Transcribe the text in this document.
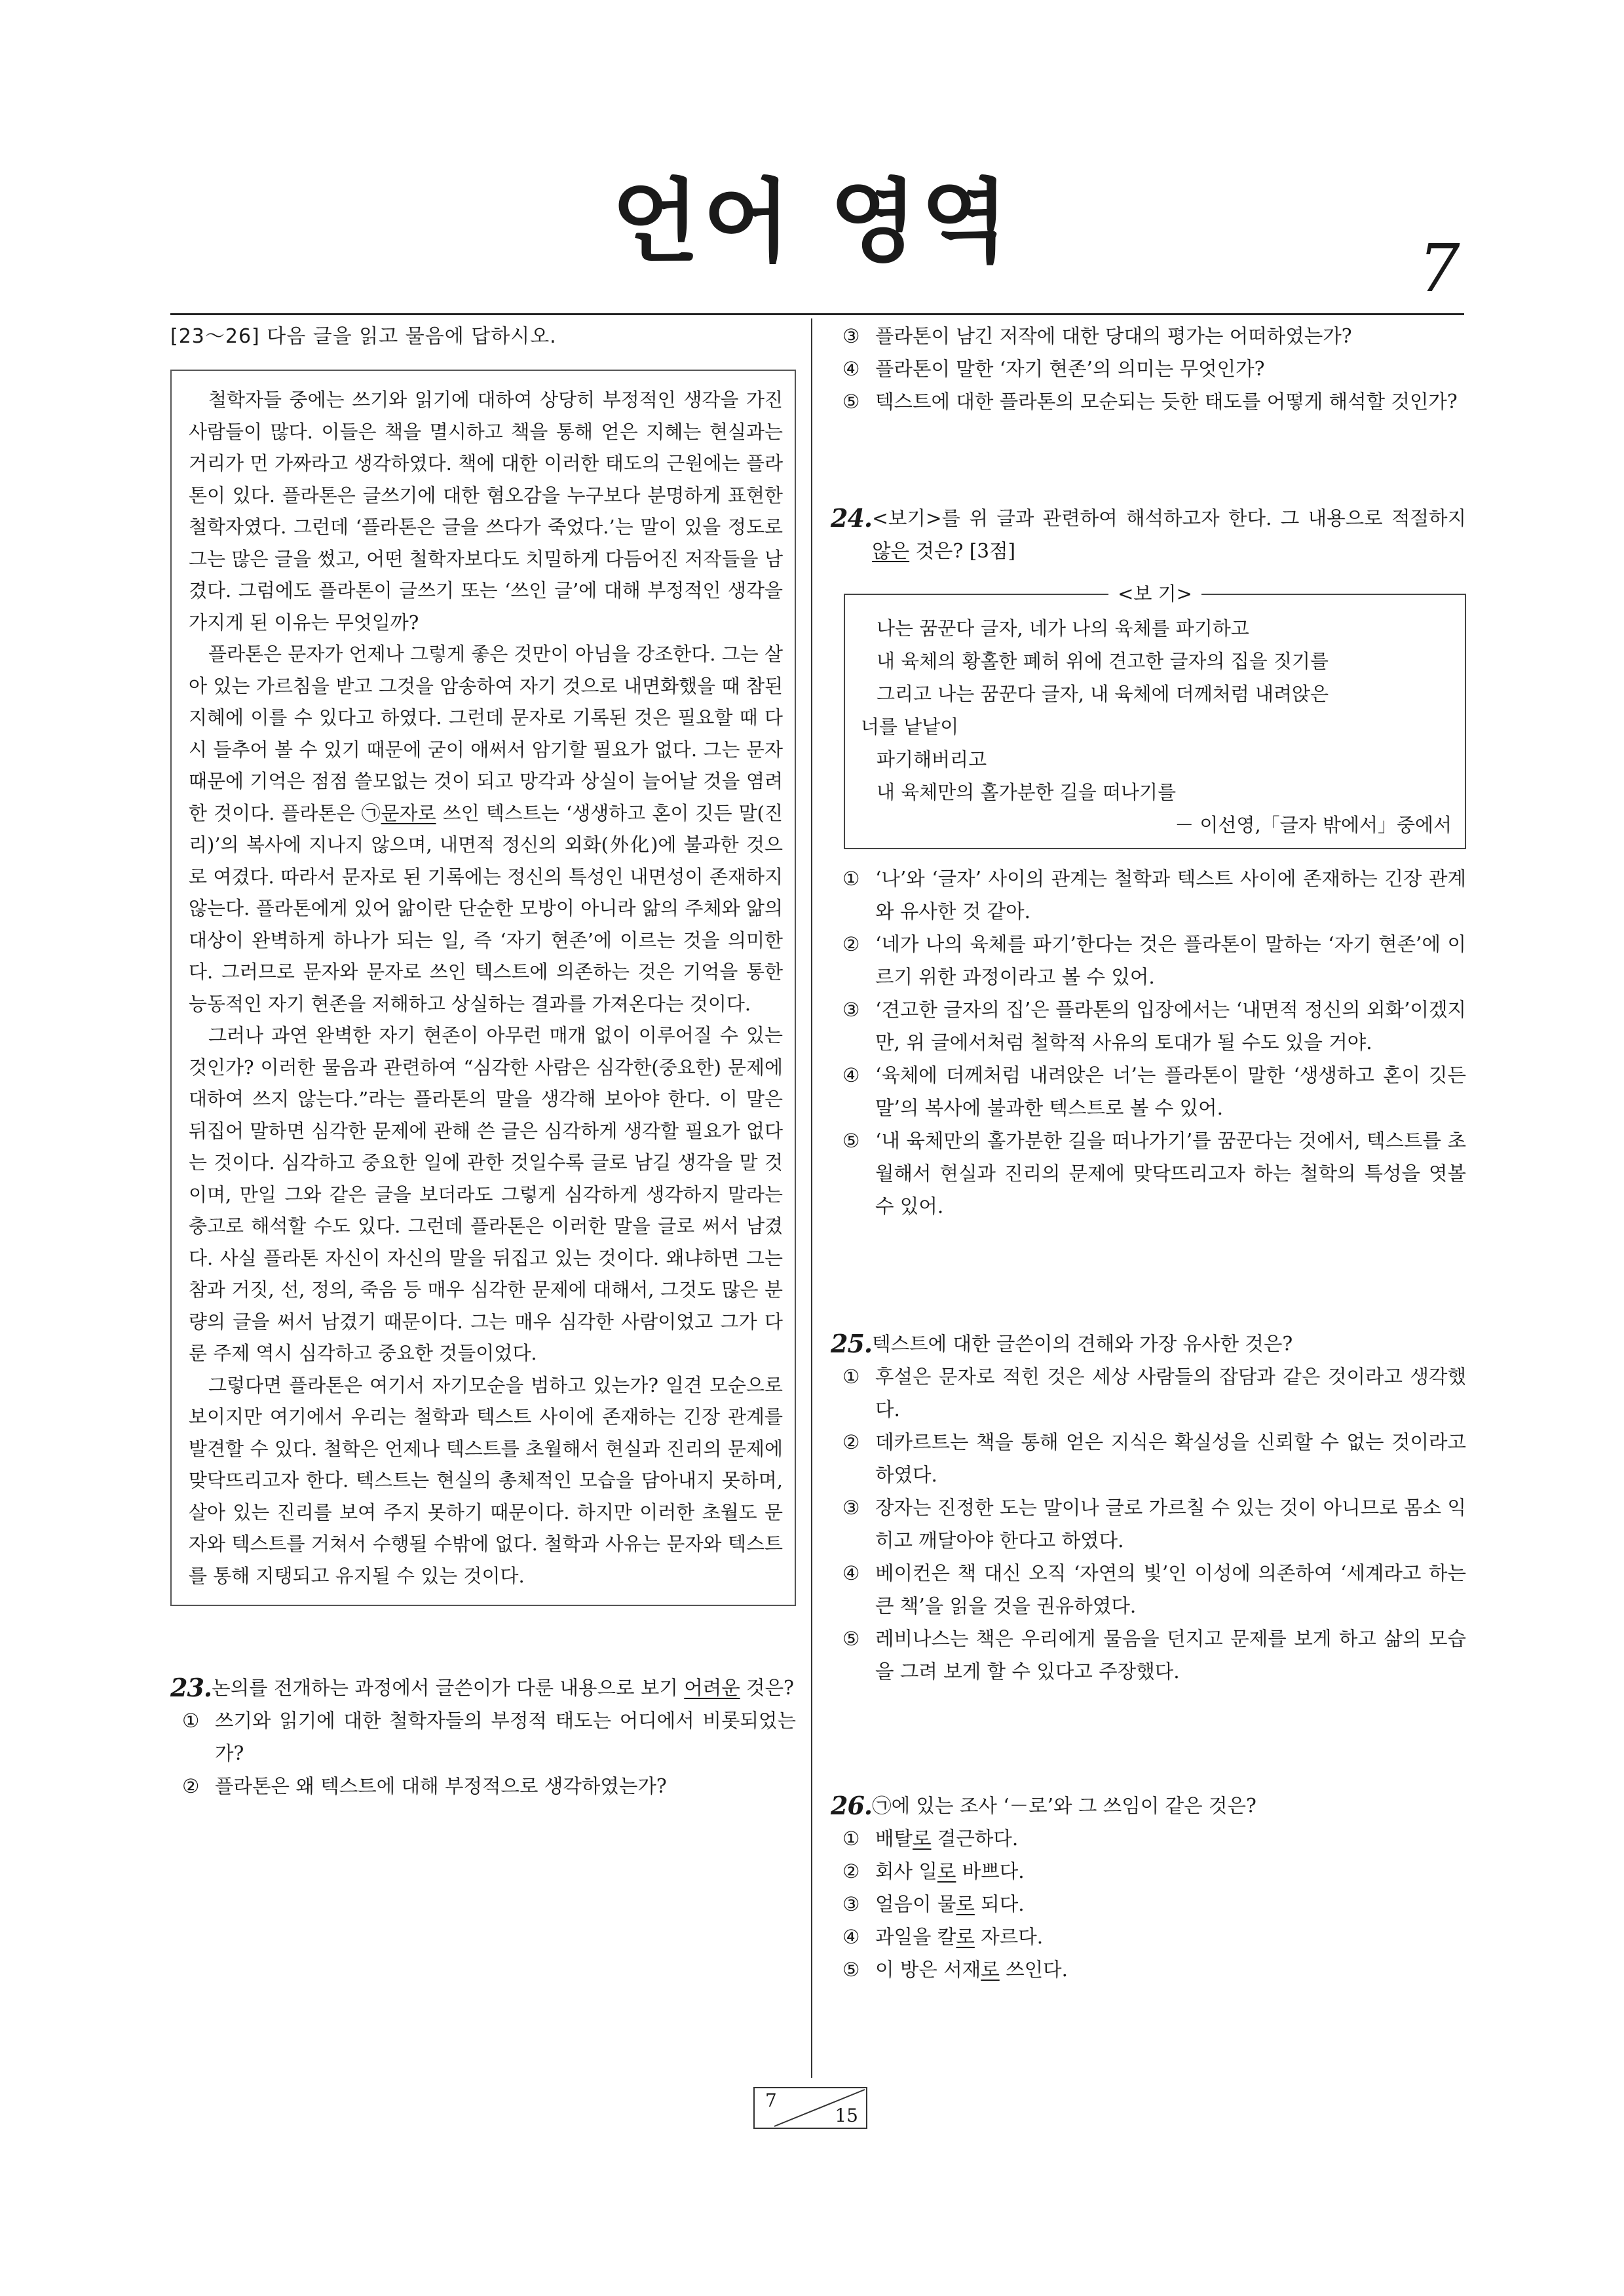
언어 영역	7
[23～26] 다음 글을 읽고 물음에 답하시오.

철학자들 중에는 쓰기와 읽기에 대하여 상당히 부정적인 생각을 가진 사람들이 많다. 이들은 책을 멸시하고 책을 통해 얻은 지혜는 현실과는 거리가 먼 가짜라고 생각하였다. 책에 대한 이러한 태도의 근원에는 플라톤이 있다. 플라톤은 글쓰기에 대한 혐오감을 누구보다 분명하게 표현한 철학자였다. 그런데 ‘플라톤은 글을 쓰다가 죽었다.’는 말이 있을 정도로 그는 많은 글을 썼고, 어떤 철학자보다도 치밀하게 다듬어진 저작들을 남겼다. 그럼에도 플라톤이 글쓰기 또는 ‘쓰인 글’에 대해 부정적인 생각을 가지게 된 이유는 무엇일까?

플라톤은 문자가 언제나 그렇게 좋은 것만이 아님을 강조한다. 그는 살아 있는 가르침을 받고 그것을 암송하여 자기 것으로 내면화했을 때 참된 지혜에 이를 수 있다고 하였다. 그런데 문자로 기록된 것은 필요할 때 다시 들추어 볼 수 있기 때문에 굳이 애써서 암기할 필요가 없다. 그는 문자 때문에 기억은 점점 쓸모없는 것이 되고 망각과 상실이 늘어날 것을 염려한 것이다. 플라톤은 ㉠문자로 쓰인 텍스트는 ‘생생하고 혼이 깃든 말(진리)’의 복사에 지나지 않으며, 내면적 정신의 외화(外化)에 불과한 것으로 여겼다. 따라서 문자로 된 기록에는 정신의 특성인 내면성이 존재하지 않는다. 플라톤에게 있어 앎이란 단순한 모방이 아니라 앎의 주체와 앎의 대상이 완벽하게 하나가 되는 일, 즉 ‘자기 현존’에 이르는 것을 의미한다. 그러므로 문자와 문자로 쓰인 텍스트에 의존하는 것은 기억을 통한 능동적인 자기 현존을 저해하고 상실하는 결과를 가져온다는 것이다.

그러나 과연 완벽한 자기 현존이 아무런 매개 없이 이루어질 수 있는 것인가? 이러한 물음과 관련하여 “심각한 사람은 심각한(중요한) 문제에 대하여 쓰지 않는다.”라는 플라톤의 말을 생각해 보아야 한다. 이 말은 뒤집어 말하면 심각한 문제에 관해 쓴 글은 심각하게 생각할 필요가 없다는 것이다. 심각하고 중요한 일에 관한 것일수록 글로 남길 생각을 말 것이며, 만일 그와 같은 글을 보더라도 그렇게 심각하게 생각하지 말라는 충고로 해석할 수도 있다. 그런데 플라톤은 이러한 말을 글로 써서 남겼다. 사실 플라톤 자신이 자신의 말을 뒤집고 있는 것이다. 왜냐하면 그는 참과 거짓, 선, 정의, 죽음 등 매우 심각한 문제에 대해서, 그것도 많은 분량의 글을 써서 남겼기 때문이다. 그는 매우 심각한 사람이었고 그가 다룬 주제 역시 심각하고 중요한 것들이었다.

그렇다면 플라톤은 여기서 자기모순을 범하고 있는가? 일견 모순으로 보이지만 여기에서 우리는 철학과 텍스트 사이에 존재하는 긴장 관계를 발견할 수 있다. 철학은 언제나 텍스트를 초월해서 현실과 진리의 문제에 맞닥뜨리고자 한다. 텍스트는 현실의 총체적인 모습을 담아내지 못하며, 살아 있는 진리를 보여 주지 못하기 때문이다. 하지만 이러한 초월도 문자와 텍스트를 거쳐서 수행될 수밖에 없다. 철학과 사유는 문자와 텍스트를 통해 지탱되고 유지될 수 있는 것이다.

23. 논의를 전개하는 과정에서 글쓴이가 다룬 내용으로 보기 어려운 것은?
① 쓰기와 읽기에 대한 철학자들의 부정적 태도는 어디에서 비롯되었는가?
② 플라톤은 왜 텍스트에 대해 부정적으로 생각하였는가?
③ 플라톤이 남긴 저작에 대한 당대의 평가는 어떠하였는가?
④ 플라톤이 말한 ‘자기 현존’의 의미는 무엇인가?
⑤ 텍스트에 대한 플라톤의 모순되는 듯한 태도를 어떻게 해석할 것인가?
24. <보기>를 위 글과 관련하여 해석하고자 한다. 그 내용으로 적절하지 않은 것은? [3점]
<보 기>
나는 꿈꾼다 글자, 네가 나의 육체를 파기하고
내 육체의 황홀한 폐허 위에 견고한 글자의 집을 짓기를
그리고 나는 꿈꾼다 글자, 내 육체에 더께처럼 내려앉은
너를 낱낱이
파기해버리고
내 육체만의 홀가분한 길을 떠나기를
－ 이선영,「글자 밖에서」중에서
① ‘나’와 ‘글자’ 사이의 관계는 철학과 텍스트 사이에 존재하는 긴장 관계와 유사한 것 같아.
② ‘네가 나의 육체를 파기’한다는 것은 플라톤이 말하는 ‘자기 현존’에 이르기 위한 과정이라고 볼 수 있어.
③ ‘견고한 글자의 집’은 플라톤의 입장에서는 ‘내면적 정신의 외화’이겠지만, 위 글에서처럼 철학적 사유의 토대가 될 수도 있을 거야.
④ ‘육체에 더께처럼 내려앉은 너’는 플라톤이 말한 ‘생생하고 혼이 깃든 말’의 복사에 불과한 텍스트로 볼 수 있어.
⑤ ‘내 육체만의 홀가분한 길을 떠나가기’를 꿈꾼다는 것에서, 텍스트를 초월해서 현실과 진리의 문제에 맞닥뜨리고자 하는 철학의 특성을 엿볼 수 있어.
25. 텍스트에 대한 글쓴이의 견해와 가장 유사한 것은?
① 후설은 문자로 적힌 것은 세상 사람들의 잡담과 같은 것이라고 생각했다.
② 데카르트는 책을 통해 얻은 지식은 확실성을 신뢰할 수 없는 것이라고 하였다.
③ 장자는 진정한 도는 말이나 글로 가르칠 수 있는 것이 아니므로 몸소 익히고 깨달아야 한다고 하였다.
④ 베이컨은 책 대신 오직 ‘자연의 빛’인 이성에 의존하여 ‘세계라고 하는 큰 책’을 읽을 것을 권유하였다.
⑤ 레비나스는 책은 우리에게 물음을 던지고 문제를 보게 하고 삶의 모습을 그려 보게 할 수 있다고 주장했다.
26. ㉠에 있는 조사 ‘－로’와 그 쓰임이 같은 것은?
① 배탈로 결근하다.
② 회사 일로 바쁘다.
③ 얼음이 물로 되다.
④ 과일을 칼로 자르다.
⑤ 이 방은 서재로 쓰인다.
7
15
